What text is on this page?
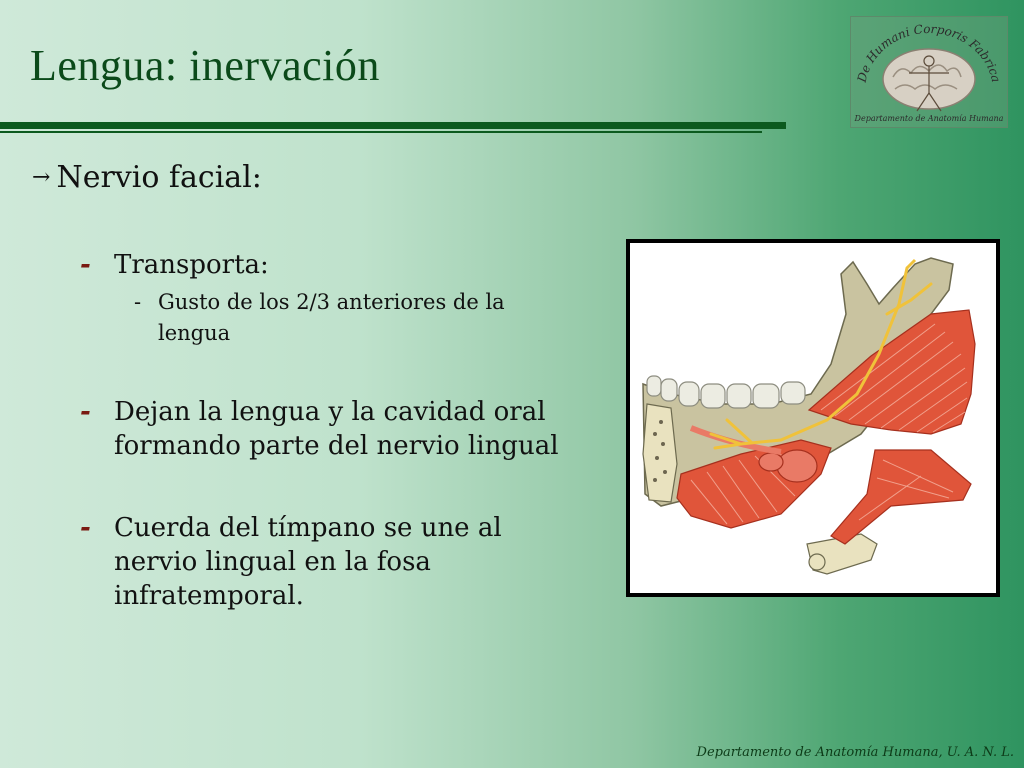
Lengua: inervación	De Humani Corporis Fabrica
Departamento de Anatomía Humana
→ Nervio facial:
- Transporta:
- Gusto de los 2/3 anteriores de la lengua
- Dejan la lengua y la cavidad oral formando parte del nervio lingual
- Cuerda del tímpano se une al nervio lingual en la fosa infratemporal.
Departamento de Anatomía Humana, U. A. N. L.
